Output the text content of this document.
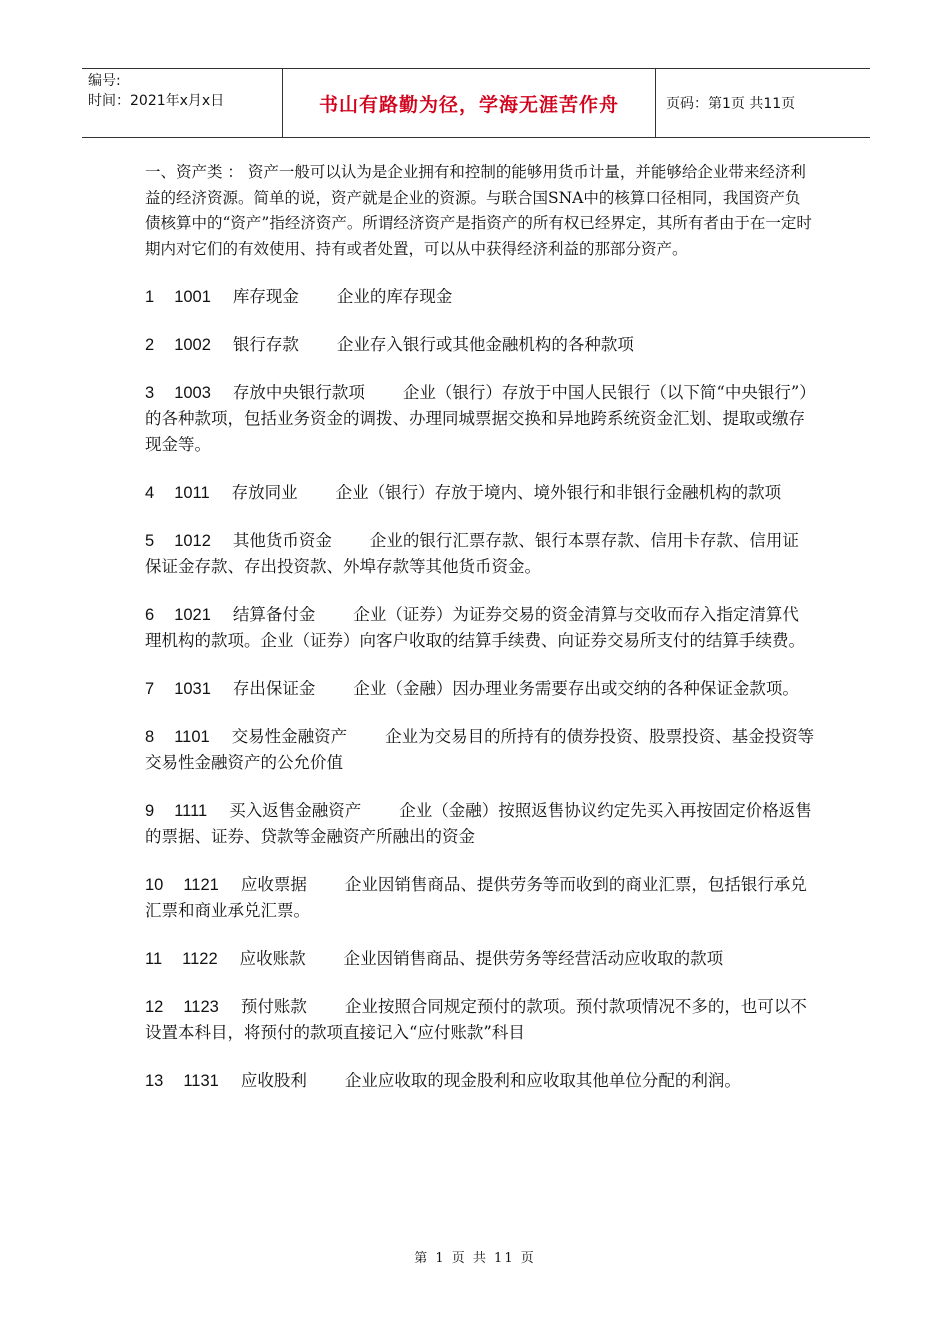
编号:
时间：2021年x月x日	书山有路勤为径，学海无涯苦作舟	页码：第1页 共11页

一、资产类 ： 资产一般可以认为是企业拥有和控制的能够用货币计量，并能够给企业带来经济利益的经济资源。简单的说，资产就是企业的资源。与联合国SNA中的核算口径相同，我国资产负债核算中的“资产”指经济资产。所谓经济资产是指资产的所有权已经界定，其所有者由于在一定时期内对它们的有效使用、持有或者处置，可以从中获得经济利益的那部分资产。

1 1001 库存现金 企业的库存现金

2 1002 银行存款 企业存入银行或其他金融机构的各种款项

3 1003 存放中央银行款项 企业（银行）存放于中国人民银行（以下简“中央银行”）的各种款项，包括业务资金的调拨、办理同城票据交换和异地跨系统资金汇划、提取或缴存现金等。

4 1011 存放同业 企业（银行）存放于境内、境外银行和非银行金融机构的款项

5 1012 其他货币资金 企业的银行汇票存款、银行本票存款、信用卡存款、信用证保证金存款、存出投资款、外埠存款等其他货币资金。

6 1021 结算备付金 企业（证券）为证券交易的资金清算与交收而存入指定清算代理机构的款项。企业（证券）向客户收取的结算手续费、向证券交易所支付的结算手续费。

7 1031 存出保证金 企业（金融）因办理业务需要存出或交纳的各种保证金款项。

8 1101 交易性金融资产 企业为交易目的所持有的债券投资、股票投资、基金投资等交易性金融资产的公允价值

9 1111 买入返售金融资产 企业（金融）按照返售协议约定先买入再按固定价格返售的票据、证券、贷款等金融资产所融出的资金

10 1121 应收票据 企业因销售商品、提供劳务等而收到的商业汇票，包括银行承兑汇票和商业承兑汇票。

11 1122 应收账款 企业因销售商品、提供劳务等经营活动应收取的款项

12 1123 预付账款 企业按照合同规定预付的款项。预付款项情况不多的，也可以不设置本科目，将预付的款项直接记入“应付账款”科目

13 1131 应收股利 企业应收取的现金股利和应收取其他单位分配的利润。

第 1 页 共 11 页
